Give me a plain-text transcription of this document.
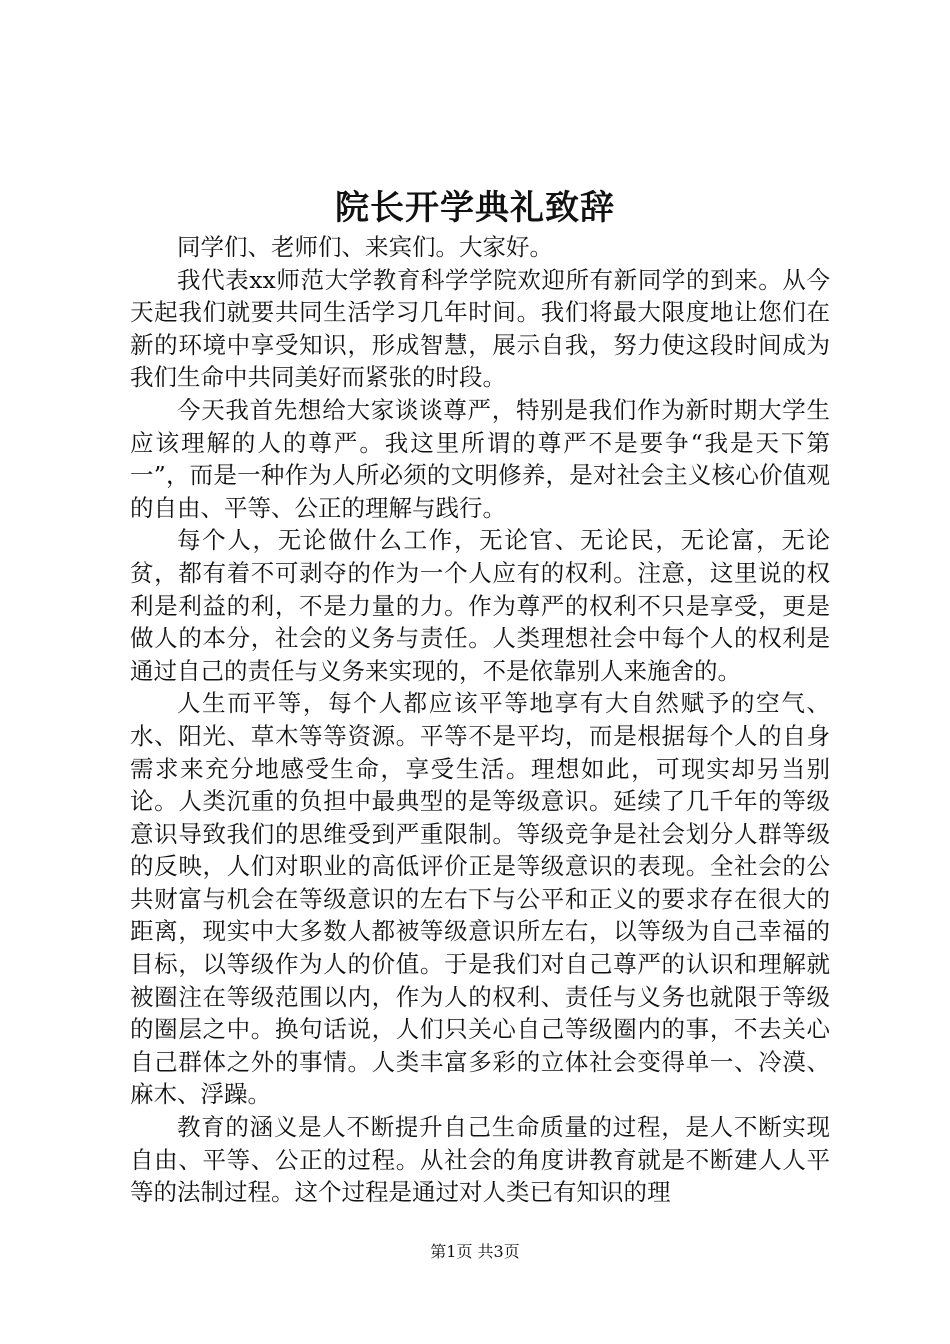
院长开学典礼致辞

同学们、老师们、来宾们。大家好。

我代表xx师范大学教育科学学院欢迎所有新同学的到来。从今天起我们就要共同生活学习几年时间。我们将最大限度地让您们在新的环境中享受知识，形成智慧，展示自我，努力使这段时间成为我们生命中共同美好而紧张的时段。

今天我首先想给大家谈谈尊严，特别是我们作为新时期大学生应该理解的人的尊严。我这里所谓的尊严不是要争“我是天下第一”，而是一种作为人所必须的文明修养，是对社会主义核心价值观的自由、平等、公正的理解与践行。

每个人，无论做什么工作，无论官、无论民，无论富，无论贫，都有着不可剥夺的作为一个人应有的权利。注意，这里说的权利是利益的利，不是力量的力。作为尊严的权利不只是享受，更是做人的本分，社会的义务与责任。人类理想社会中每个人的权利是通过自己的责任与义务来实现的，不是依靠别人来施舍的。

人生而平等，每个人都应该平等地享有大自然赋予的空气、水、阳光、草木等等资源。平等不是平均，而是根据每个人的自身需求来充分地感受生命，享受生活。理想如此，可现实却另当别论。人类沉重的负担中最典型的是等级意识。延续了几千年的等级意识导致我们的思维受到严重限制。等级竞争是社会划分人群等级的反映，人们对职业的高低评价正是等级意识的表现。全社会的公共财富与机会在等级意识的左右下与公平和正义的要求存在很大的距离，现实中大多数人都被等级意识所左右，以等级为自己幸福的目标，以等级作为人的价值。于是我们对自己尊严的认识和理解就被圈注在等级范围以内，作为人的权利、责任与义务也就限于等级的圈层之中。换句话说，人们只关心自己等级圈内的事，不去关心自己群体之外的事情。人类丰富多彩的立体社会变得单一、冷漠、麻木、浮躁。

教育的涵义是人不断提升自己生命质量的过程，是人不断实现自由、平等、公正的过程。从社会的角度讲教育就是不断建人人平等的法制过程。这个过程是通过对人类已有知识的理

第1页 共3页
